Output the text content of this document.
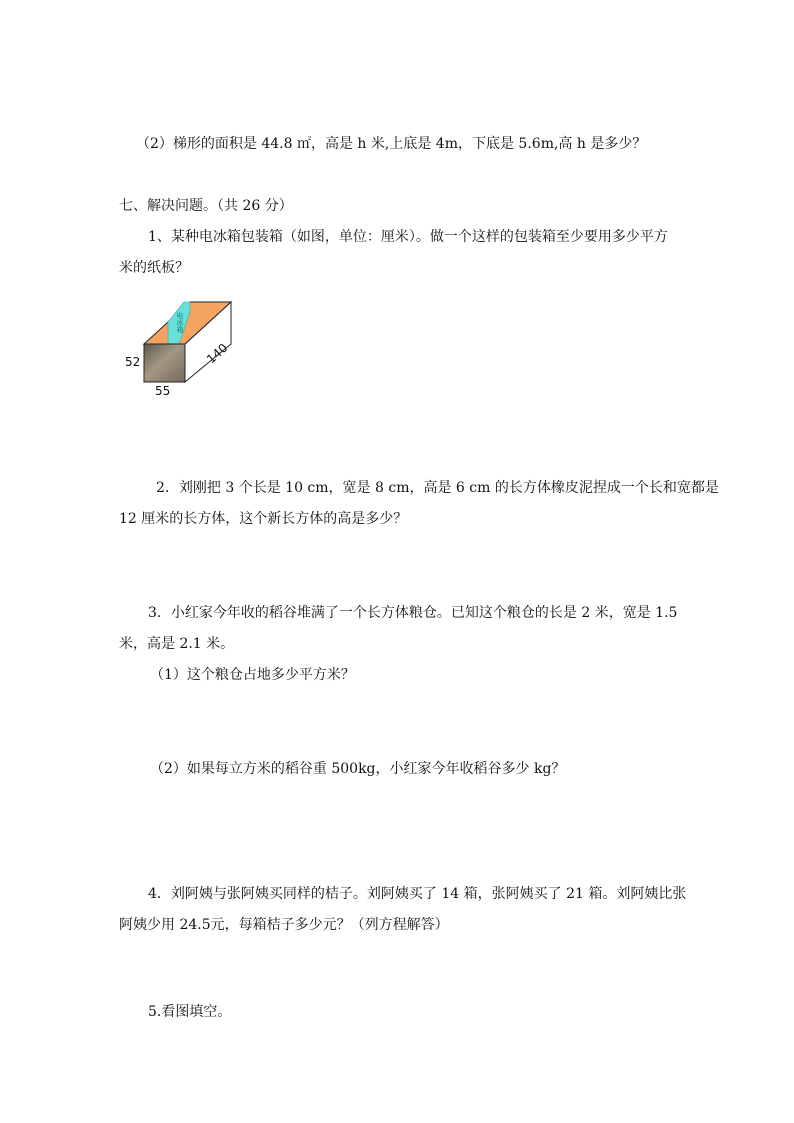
（2）梯形的面积是 44.8 ㎡，高是 h 米,上底是 4m，下底是 5.6m,高 h 是多少？
七、解决问题。（共 26 分）
1、某种电冰箱包装箱（如图，单位：厘米）。做一个这样的包装箱至少要用多少平方
米的纸板？
电冰箱
52
55
140
2．刘刚把 3 个长是 10 cm，宽是 8 cm，高是 6 cm 的长方体橡皮泥捏成一个长和宽都是
12 厘米的长方体，这个新长方体的高是多少？
3．小红家今年收的稻谷堆满了一个长方体粮仓。已知这个粮仓的长是 2 米，宽是 1.5
米，高是 2.1 米。
（1）这个粮仓占地多少平方米？
（2）如果每立方米的稻谷重 500kg，小红家今年收稻谷多少 kg？
4．刘阿姨与张阿姨买同样的桔子。刘阿姨买了 14 箱，张阿姨买了 21 箱。刘阿姨比张
阿姨少用 24.5元，每箱桔子多少元？（列方程解答）
5.看图填空。
